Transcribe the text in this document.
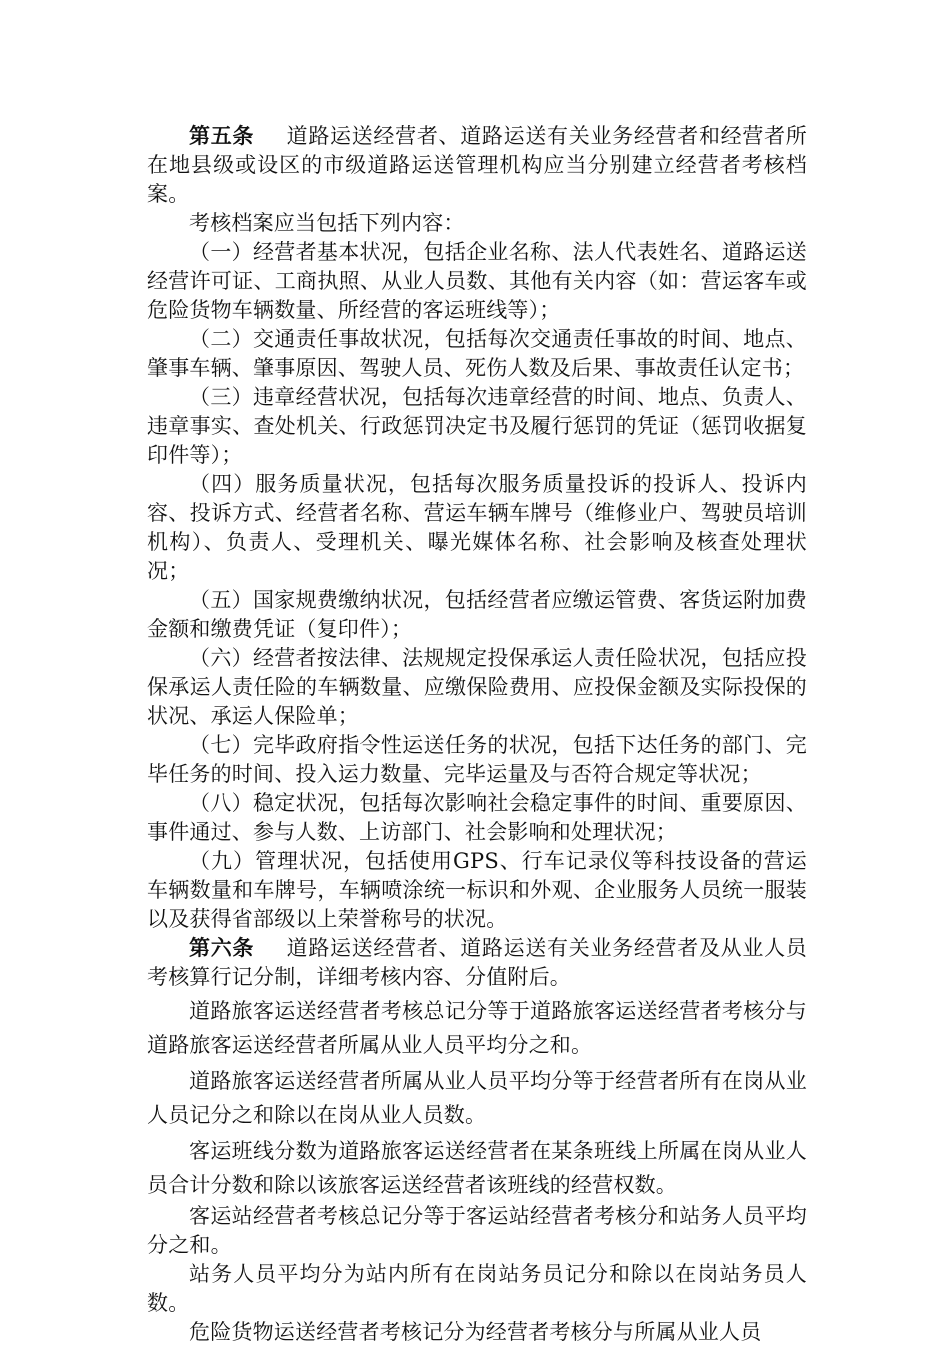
第五条 道路运送经营者、道路运送有关业务经营者和经营者所在地县级或设区的市级道路运送管理机构应当分别建立经营者考核档案。

考核档案应当包括下列内容：

（一）经营者基本状况，包括企业名称、法人代表姓名、道路运送经营许可证、工商执照、从业人员数、其他有关内容（如：营运客车或危险货物车辆数量、所经营的客运班线等）；

（二）交通责任事故状况，包括每次交通责任事故的时间、地点、肇事车辆、肇事原因、驾驶人员、死伤人数及后果、事故责任认定书；

（三）违章经营状况，包括每次违章经营的时间、地点、负责人、违章事实、查处机关、行政惩罚决定书及履行惩罚的凭证（惩罚收据复印件等）；

（四）服务质量状况，包括每次服务质量投诉的投诉人、投诉内容、投诉方式、经营者名称、营运车辆车牌号（维修业户、驾驶员培训机构）、负责人、受理机关、曝光媒体名称、社会影响及核查处理状况；

（五）国家规费缴纳状况，包括经营者应缴运管费、客货运附加费金额和缴费凭证（复印件）；

（六）经营者按法律、法规规定投保承运人责任险状况，包括应投保承运人责任险的车辆数量、应缴保险费用、应投保金额及实际投保的状况、承运人保险单；

（七）完毕政府指令性运送任务的状况，包括下达任务的部门、完毕任务的时间、投入运力数量、完毕运量及与否符合规定等状况；

（八）稳定状况，包括每次影响社会稳定事件的时间、重要原因、事件通过、参与人数、上访部门、社会影响和处理状况；

（九）管理状况，包括使用GPS、行车记录仪等科技设备的营运车辆数量和车牌号，车辆喷涂统一标识和外观、企业服务人员统一服装以及获得省部级以上荣誉称号的状况。

第六条 道路运送经营者、道路运送有关业务经营者及从业人员考核算行记分制，详细考核内容、分值附后。

道路旅客运送经营者考核总记分等于道路旅客运送经营者考核分与道路旅客运送经营者所属从业人员平均分之和。

道路旅客运送经营者所属从业人员平均分等于经营者所有在岗从业人员记分之和除以在岗从业人员数。

客运班线分数为道路旅客运送经营者在某条班线上所属在岗从业人员合计分数和除以该旅客运送经营者该班线的经营权数。

客运站经营者考核总记分等于客运站经营者考核分和站务人员平均分之和。

站务人员平均分为站内所有在岗站务员记分和除以在岗站务员人数。

危险货物运送经营者考核记分为经营者考核分与所属从业人员
